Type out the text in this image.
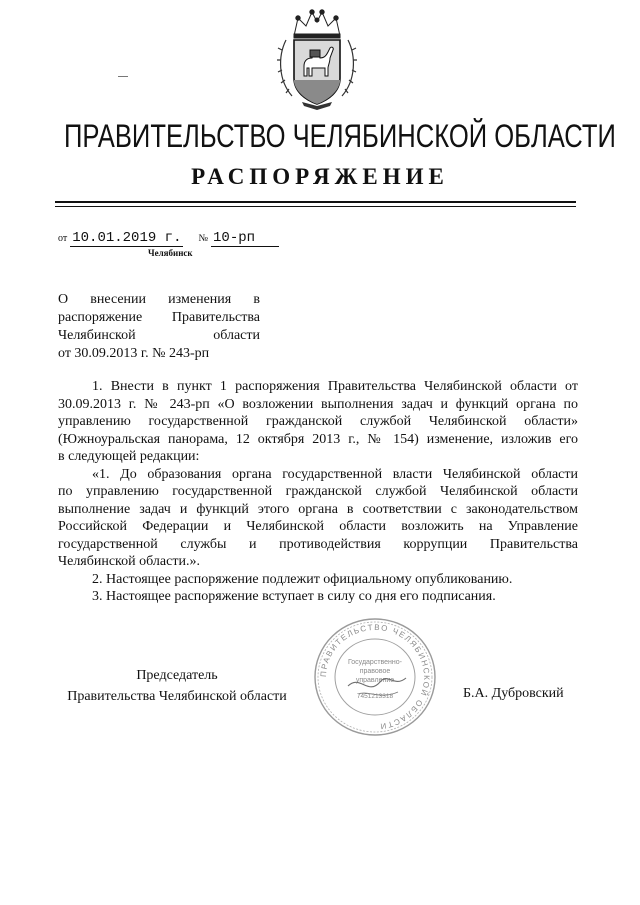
ПРАВИТЕЛЬСТВО ЧЕЛЯБИНСКОЙ ОБЛАСТИ
РАСПОРЯЖЕНИЕ
от 10.01.2019 г. № 10-рп
Челябинск
О внесении изменения в
распоряжение Правительства
Челябинской области
от 30.09.2013 г. № 243-рп
1. Внести в пункт 1 распоряжения Правительства Челябинской области от
30.09.2013 г. № 243-рп «О возложении выполнения задач и функций органа по
управлению государственной гражданской службой Челябинской области»
(Южноуральская панорама, 12 октября 2013 г., № 154) изменение, изложив его
в следующей редакции:
«1. До образования органа государственной власти Челябинской области
по управлению государственной гражданской службой Челябинской области
выполнение задач и функций этого органа в соответствии с законодательством
Российской Федерации и Челябинской области возложить на Управление
государственной службы и противодействия коррупции Правительства
Челябинской области.».
2. Настоящее распоряжение подлежит официальному опубликованию.
3. Настоящее распоряжение вступает в силу со дня его подписания.
Председатель
Правительства Челябинской области	Б.А. Дубровский
ПРАВИТЕЛЬСТВО ЧЕЛЯБИНСКОЙ ОБЛАСТИ
Государственно-
правовое
управление
7451213318
